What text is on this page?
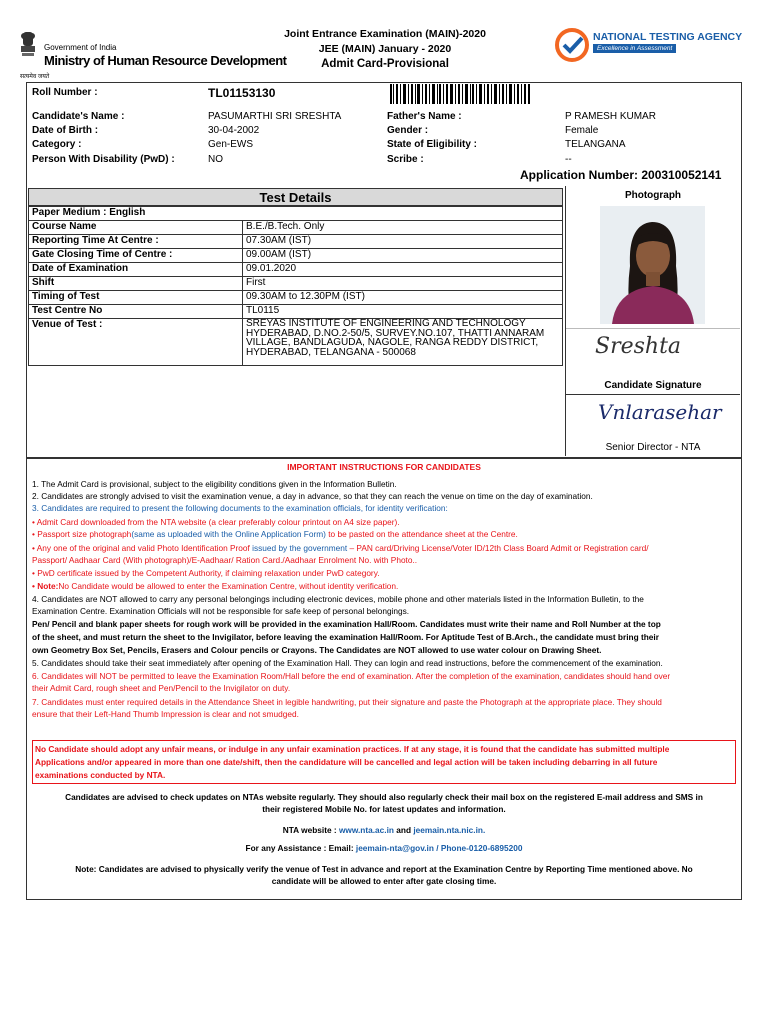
Government of India
Ministry of Human Resource Development
सत्यमेव जयते
Joint Entrance Examination (MAIN)-2020
JEE (MAIN) January - 2020
Admit Card-Provisional
NATIONAL TESTING AGENCY
Excellence in Assessment
Roll Number :	TL01153130
Candidate's Name :	PASUMARTHI SRI SRESHTA
Date of Birth :	30-04-2002
Category :	Gen-EWS
Person With Disability (PwD) :	NO
Father's Name :	P RAMESH KUMAR
Gender :	Female
State of Eligibility :	TELANGANA
Scribe :	--
Application Number: 200310052141
Test Details
Paper Medium : English	
Course Name	B.E./B.Tech. Only
Reporting Time At Centre :	07.30AM (IST)
Gate Closing Time of Centre :	09.00AM (IST)
Date of Examination	09.01.2020
Shift	First
Timing of Test	09.30AM to 12.30PM (IST)
Test Centre No	TL0115
Venue of Test :	SREYAS INSTITUTE OF ENGINEERING AND TECHNOLOGY
HYDERABAD, D.NO.2-50/5, SURVEY.NO.107, THATTI ANNARAM
VILLAGE, BANDLAGUDA, NAGOLE, RANGA REDDY DISTRICT,
HYDERABAD, TELANGANA - 500068
Photograph
Sreshta
Candidate Signature
Vnlarasehar
Senior Director - NTA
IMPORTANT INSTRUCTIONS FOR CANDIDATES
1. The Admit Card is provisional, subject to the eligibility conditions given in the Information Bulletin.
2. Candidates are strongly advised to visit the examination venue, a day in advance, so that they can reach the venue on time on the day of examination.
3. Candidates are required to present the following documents to the examination officials, for identity verification:
• Admit Card downloaded from the NTA website (a clear preferably colour printout on A4 size paper).
• Passport size photograph(same as uploaded with the Online Application Form) to be pasted on the attendance sheet at the Centre.
• Any one of the original and valid Photo Identification Proof issued by the government – PAN card/Driving License/Voter ID/12th Class Board Admit or Registration card/
Passport/ Aadhaar Card (With photograph)/E-Aadhaar/ Ration Card./Aadhaar Enrolment No. with Photo..
• PwD certificate issued by the Competent Authority, if claiming relaxation under PwD category.
• Note:No Candidate would be allowed to enter the Examination Centre, without identity verification.
4. Candidates are NOT allowed to carry any personal belongings including electronic devices, mobile phone and other materials listed in the Information Bulletin, to the
Examination Centre. Examination Officials will not be responsible for safe keep of personal belongings.
Pen/ Pencil and blank paper sheets for rough work will be provided in the examination Hall/Room. Candidates must write their name and Roll Number at the top
of the sheet, and must return the sheet to the Invigilator, before leaving the examination Hall/Room. For Aptitude Test of B.Arch., the candidate must bring their
own Geometry Box Set, Pencils, Erasers and Colour pencils or Crayons. The Candidates are NOT allowed to use water colour on Drawing Sheet.
5. Candidates should take their seat immediately after opening of the Examination Hall. They can login and read instructions, before the commencement of the examination.
6. Candidates will NOT be permitted to leave the Examination Room/Hall before the end of examination. After the completion of the examination, candidates should hand over
their Admit Card, rough sheet and Pen/Pencil to the Invigilator on duty.
7. Candidates must enter required details in the Attendance Sheet in legible handwriting, put their signature and paste the Photograph at the appropriate place. They should
ensure that their Left-Hand Thumb Impression is clear and not smudged.
No Candidate should adopt any unfair means, or indulge in any unfair examination practices. If at any stage, it is found that the candidate has submitted multiple
Applications and/or appeared in more than one date/shift, then the candidature will be cancelled and legal action will be taken including debarring in all future
examinations conducted by NTA.
Candidates are advised to check updates on NTAs website regularly. They should also regularly check their mail box on the registered E-mail address and SMS in
their registered Mobile No. for latest updates and information.
NTA website : www.nta.ac.in and jeemain.nta.nic.in.
For any Assistance : Email: jeemain-nta@gov.in / Phone-0120-6895200
Note: Candidates are advised to physically verify the venue of Test in advance and report at the Examination Centre by Reporting Time mentioned above. No
candidate will be allowed to enter after gate closing time.
